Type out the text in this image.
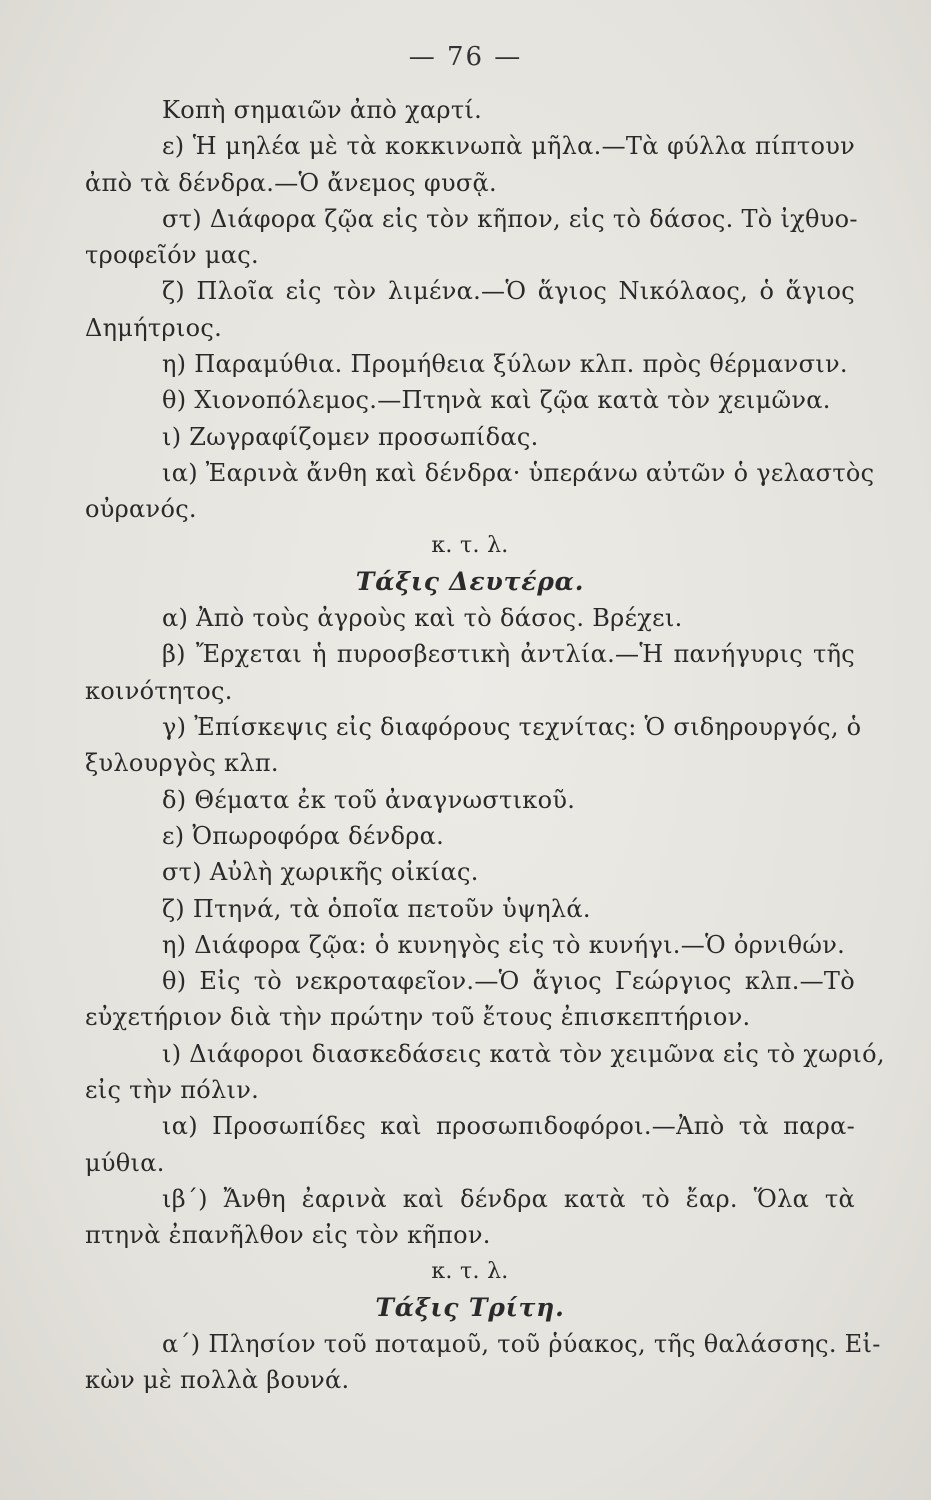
— 76 —
Κοπὴ σημαιῶν ἀπὸ χαρτί.
ε) Ἡ μηλέα μὲ τὰ κοκκινωπὰ μῆλα.—Τὰ φύλλα πίπτουν
ἀπὸ τὰ δένδρα.—Ὁ ἄνεμος φυσᾷ.
στ) Διάφορα ζῷα εἰς τὸν κῆπον, εἰς τὸ δάσος. Τὸ ἰχθυο-
τροφεῖόν μας.
ζ) Πλοῖα εἰς τὸν λιμένα.—Ὁ ἅγιος Νικόλαος, ὁ ἅγιος
Δημήτριος.
η) Παραμύθια. Προμήθεια ξύλων κλπ. πρὸς θέρμανσιν.
θ) Χιονοπόλεμος.—Πτηνὰ καὶ ζῷα κατὰ τὸν χειμῶνα.
ι) Ζωγραφίζομεν προσωπίδας.
ια) Ἐαρινὰ ἄνθη καὶ δένδρα· ὑπεράνω αὐτῶν ὁ γελαστὸς
οὐρανός.
κ. τ. λ.
Τάξις Δευτέρα.
α) Ἀπὸ τοὺς ἀγροὺς καὶ τὸ δάσος. Βρέχει.
β) Ἔρχεται ἡ πυροσβεστικὴ ἀντλία.—Ἡ πανήγυρις τῆς
κοινότητος.
γ) Ἐπίσκεψις εἰς διαφόρους τεχνίτας: Ὁ σιδηρουργός, ὁ
ξυλουργὸς κλπ.
δ) Θέματα ἐκ τοῦ ἀναγνωστικοῦ.
ε) Ὀπωροφόρα δένδρα.
στ) Αὐλὴ χωρικῆς οἰκίας.
ζ) Πτηνά, τὰ ὁποῖα πετοῦν ὑψηλά.
η) Διάφορα ζῷα: ὁ κυνηγὸς εἰς τὸ κυνήγι.—Ὁ ὀρνιθών.
θ) Εἰς τὸ νεκροταφεῖον.—Ὁ ἅγιος Γεώργιος κλπ.—Τὸ
εὐχετήριον διὰ τὴν πρώτην τοῦ ἔτους ἐπισκεπτήριον.
ι) Διάφοροι διασκεδάσεις κατὰ τὸν χειμῶνα εἰς τὸ χωριό,
εἰς τὴν πόλιν.
ια) Προσωπίδες καὶ προσωπιδοφόροι.—Ἀπὸ τὰ παρα-
μύθια.
ιβ΄) Ἄνθη ἐαρινὰ καὶ δένδρα κατὰ τὸ ἔαρ. Ὅλα τὰ
πτηνὰ ἐπανῆλθον εἰς τὸν κῆπον.
κ. τ. λ.
Τάξις Τρίτη.
α΄) Πλησίον τοῦ ποταμοῦ, τοῦ ῥύακος, τῆς θαλάσσης. Εἰ-
κὼν μὲ πολλὰ βουνά.
